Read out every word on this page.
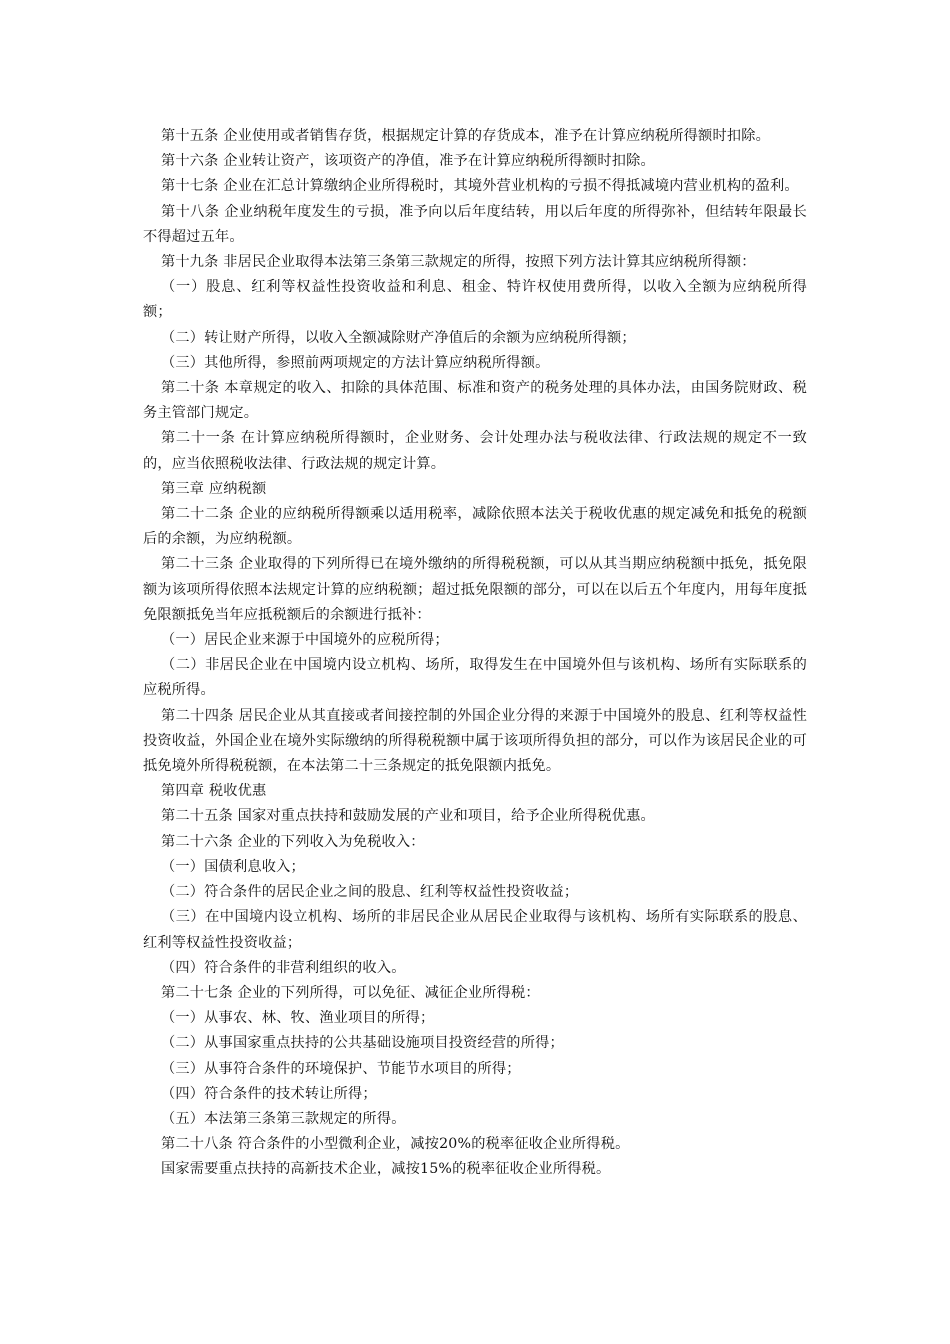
第十五条 企业使用或者销售存货，根据规定计算的存货成本，准予在计算应纳税所得额时扣除。

第十六条 企业转让资产，该项资产的净值，准予在计算应纳税所得额时扣除。

第十七条 企业在汇总计算缴纳企业所得税时，其境外营业机构的亏损不得抵减境内营业机构的盈利。

第十八条 企业纳税年度发生的亏损，准予向以后年度结转，用以后年度的所得弥补，但结转年限最长不得超过五年。

第十九条 非居民企业取得本法第三条第三款规定的所得，按照下列方法计算其应纳税所得额：

（一）股息、红利等权益性投资收益和利息、租金、特许权使用费所得，以收入全额为应纳税所得额；

（二）转让财产所得，以收入全额减除财产净值后的余额为应纳税所得额；

（三）其他所得，参照前两项规定的方法计算应纳税所得额。

第二十条 本章规定的收入、扣除的具体范围、标准和资产的税务处理的具体办法，由国务院财政、税务主管部门规定。

第二十一条 在计算应纳税所得额时，企业财务、会计处理办法与税收法律、行政法规的规定不一致的，应当依照税收法律、行政法规的规定计算。

第三章 应纳税额

第二十二条 企业的应纳税所得额乘以适用税率，减除依照本法关于税收优惠的规定减免和抵免的税额后的余额，为应纳税额。

第二十三条 企业取得的下列所得已在境外缴纳的所得税税额，可以从其当期应纳税额中抵免，抵免限额为该项所得依照本法规定计算的应纳税额；超过抵免限额的部分，可以在以后五个年度内，用每年度抵免限额抵免当年应抵税额后的余额进行抵补：

（一）居民企业来源于中国境外的应税所得；

（二）非居民企业在中国境内设立机构、场所，取得发生在中国境外但与该机构、场所有实际联系的应税所得。

第二十四条 居民企业从其直接或者间接控制的外国企业分得的来源于中国境外的股息、红利等权益性投资收益，外国企业在境外实际缴纳的所得税税额中属于该项所得负担的部分，可以作为该居民企业的可抵免境外所得税税额，在本法第二十三条规定的抵免限额内抵免。

第四章 税收优惠

第二十五条 国家对重点扶持和鼓励发展的产业和项目，给予企业所得税优惠。

第二十六条 企业的下列收入为免税收入：

（一）国债利息收入；

（二）符合条件的居民企业之间的股息、红利等权益性投资收益；

（三）在中国境内设立机构、场所的非居民企业从居民企业取得与该机构、场所有实际联系的股息、红利等权益性投资收益；

（四）符合条件的非营利组织的收入。

第二十七条 企业的下列所得，可以免征、减征企业所得税：

（一）从事农、林、牧、渔业项目的所得；

（二）从事国家重点扶持的公共基础设施项目投资经营的所得；

（三）从事符合条件的环境保护、节能节水项目的所得；

（四）符合条件的技术转让所得；

（五）本法第三条第三款规定的所得。

第二十八条 符合条件的小型微利企业，减按20%的税率征收企业所得税。

国家需要重点扶持的高新技术企业，减按15%的税率征收企业所得税。
